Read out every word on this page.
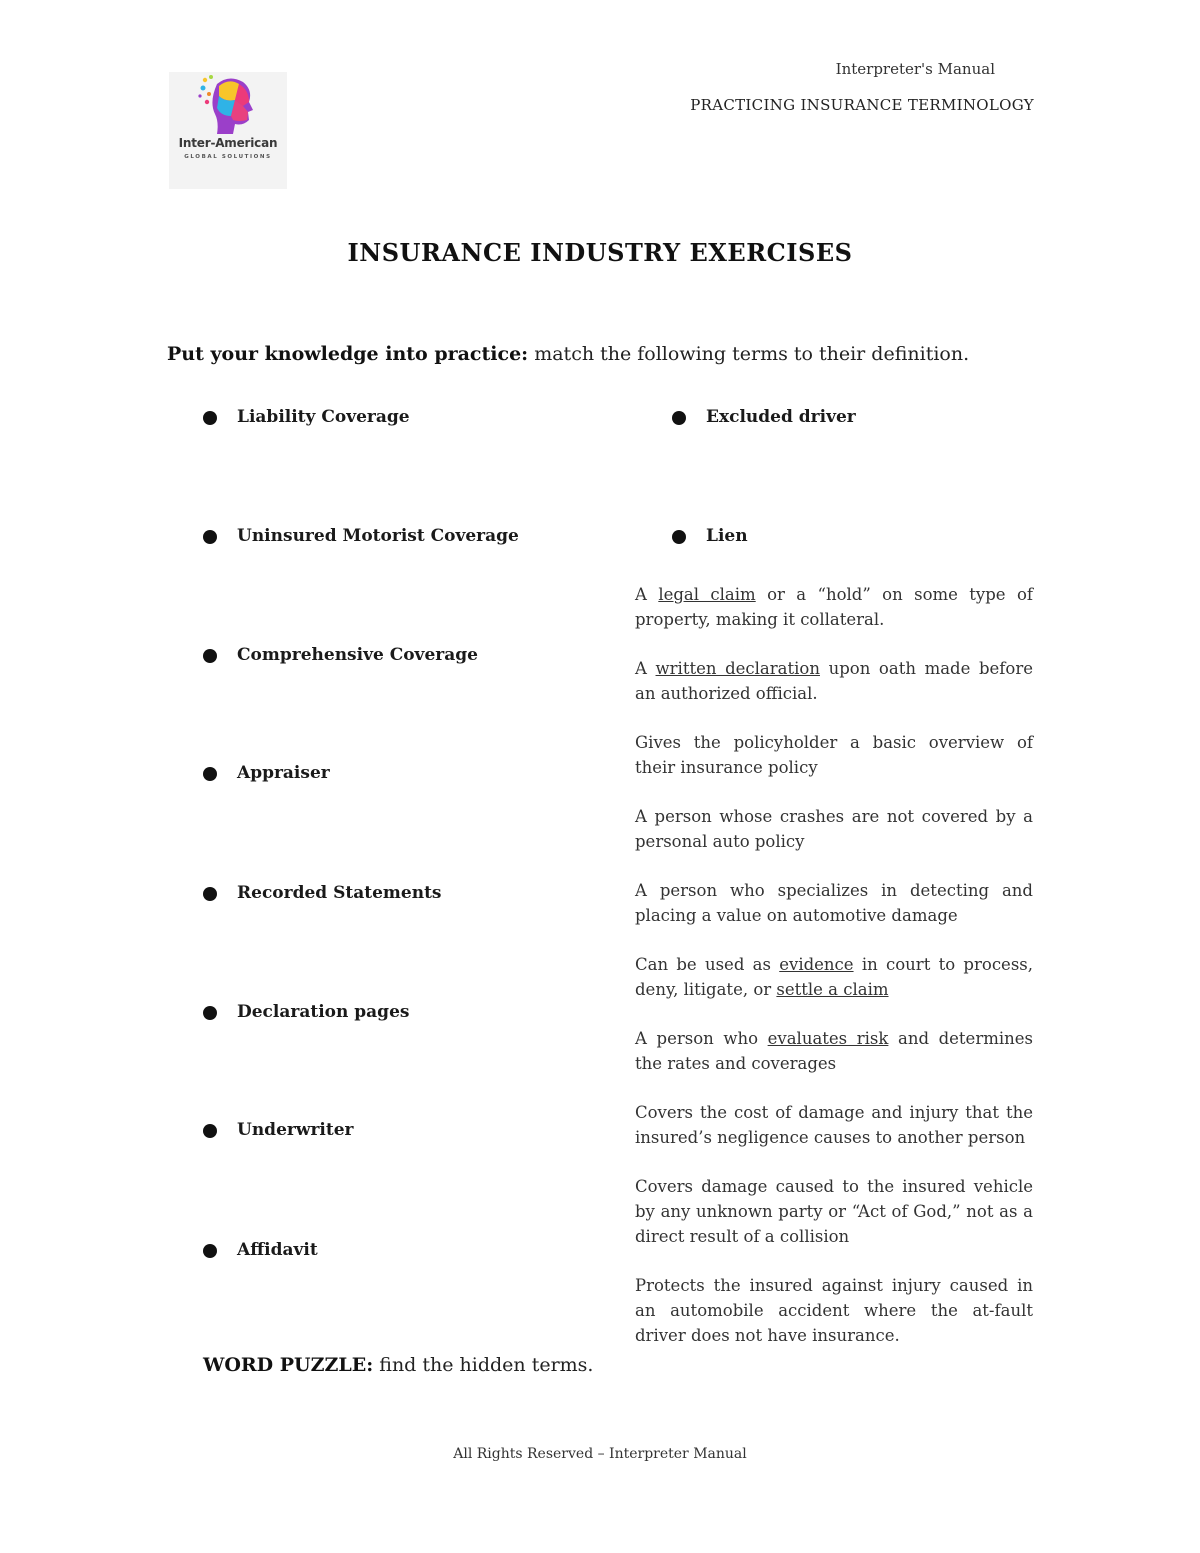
Inter-American
GLOBAL SOLUTIONS
Interpreter's Manual
PRACTICING INSURANCE TERMINOLOGY
INSURANCE INDUSTRY EXERCISES
Put your knowledge into practice: match the following terms to their definition.
Liability Coverage
Uninsured Motorist Coverage
Comprehensive Coverage
Appraiser
Recorded Statements
Declaration pages
Underwriter
Affidavit
Excluded driver
Lien

A legal claim or a “hold” on some type of property, making it collateral.

A written declaration upon oath made before an authorized official.

Gives the policyholder a basic overview of their insurance policy

A person whose crashes are not covered by a personal auto policy

A person who specializes in detecting and placing a value on automotive damage

Can be used as evidence in court to process, deny, litigate, or settle a claim

A person who evaluates risk and determines the rates and coverages

Covers the cost of damage and injury that the insured’s negligence causes to another person

Covers damage caused to the insured vehicle by any unknown party or “Act of God,” not as a direct result of a collision

Protects the insured against injury caused in an automobile accident where the at-fault driver does not have insurance.

WORD PUZZLE: find the hidden terms.
All Rights Reserved – Interpreter Manual
